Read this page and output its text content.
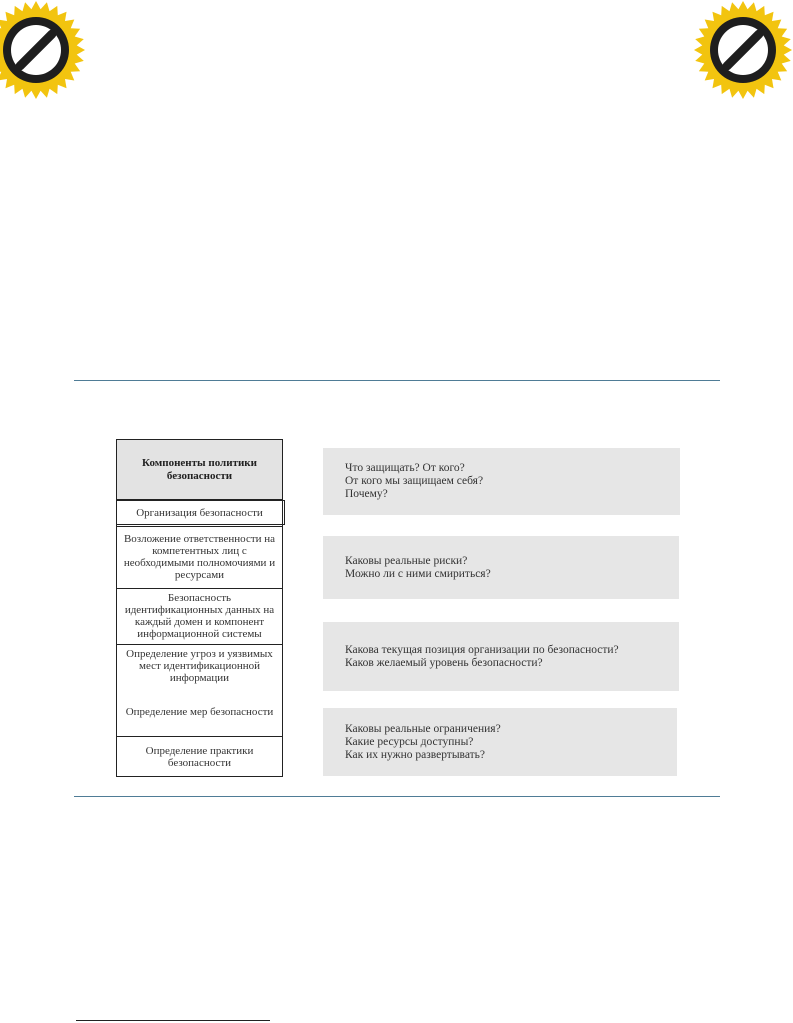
Компоненты политики безопасности
Организация безопасности
Возложение ответственности на компетентных лиц с необходимыми полномочиями и ресурсами
Безопасность идентификационных данных на каждый домен и компонент информационной системы
Определение угроз и уязвимых мест идентификационной информации
Определение мер безопасности
Определение практики безопасности
Что защищать? От кого?
От кого мы защищаем себя?
Почему?
Каковы реальные риски?
Можно ли с ними смириться?
Какова текущая позиция организации по безопасности?
Каков желаемый уровень безопасности?
Каковы реальные ограничения?
Какие ресурсы доступны?
Как их нужно развертывать?
